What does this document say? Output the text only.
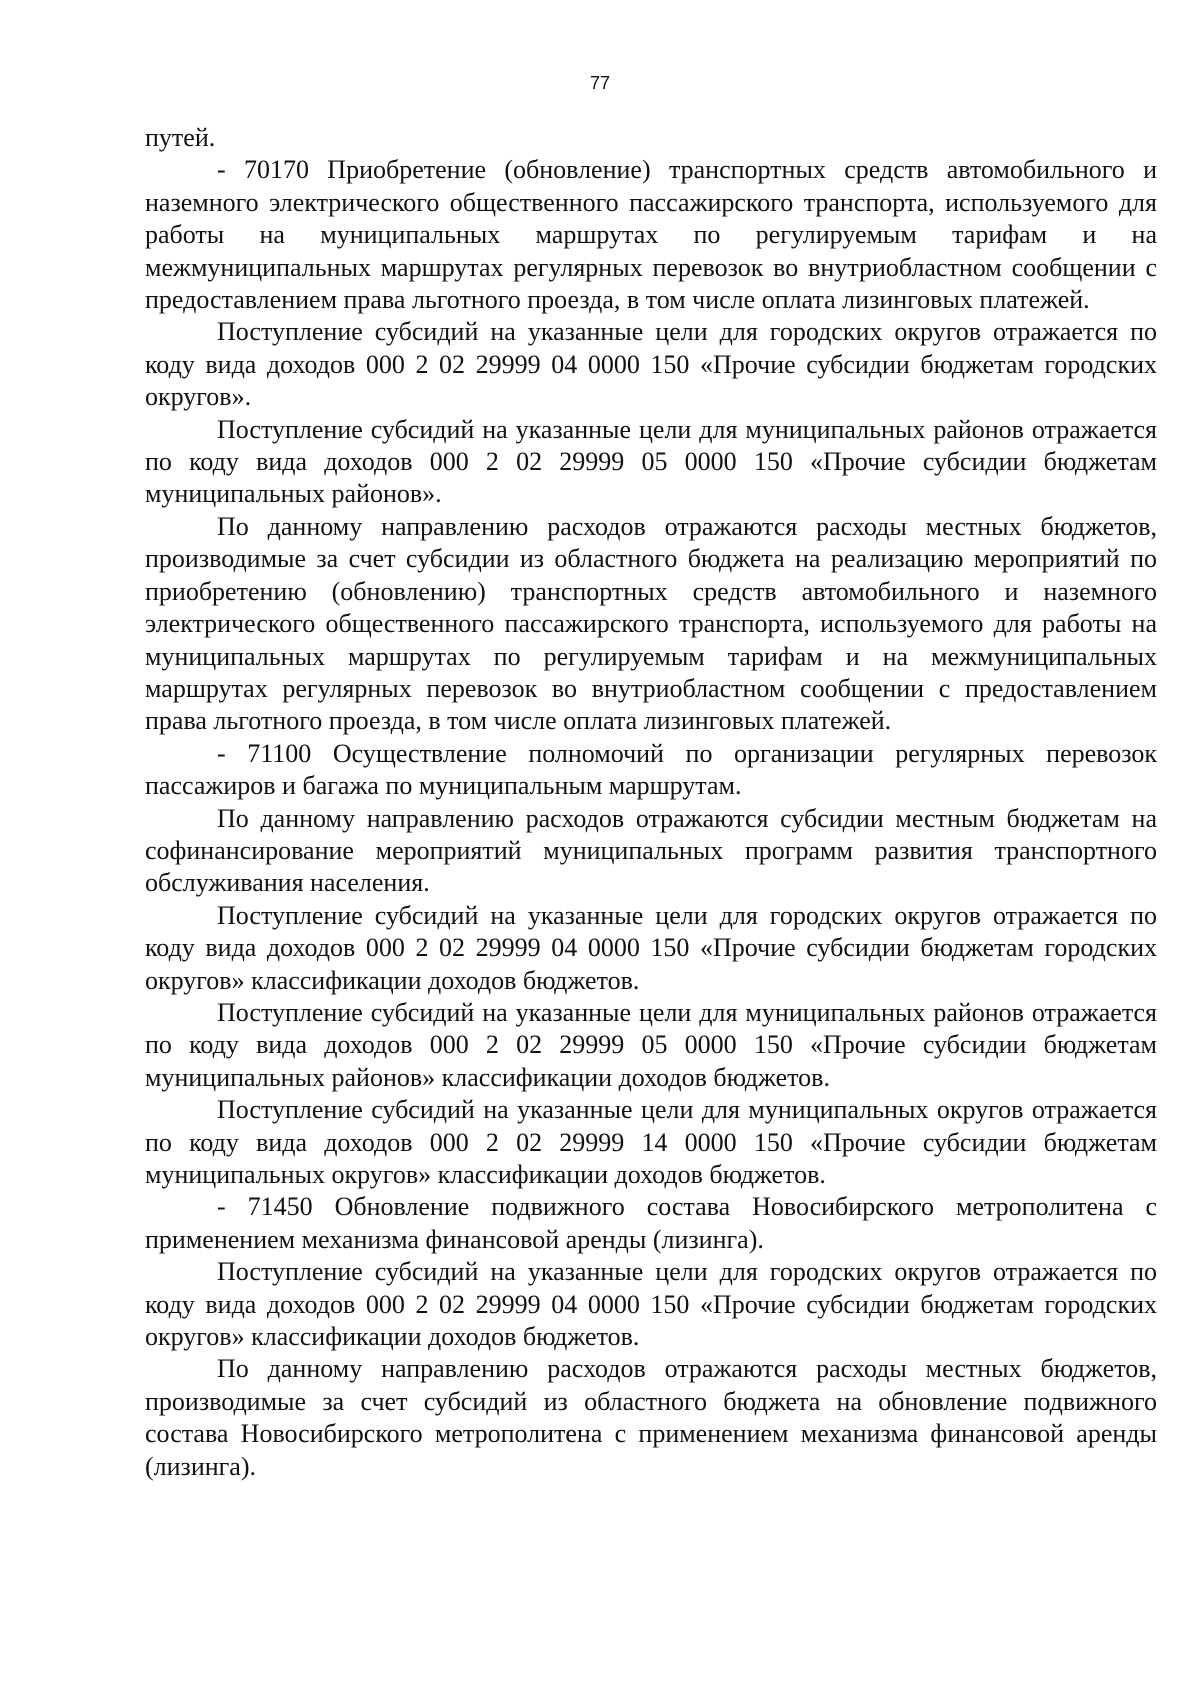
77

путей.

- 70170 Приобретение (обновление) транспортных средств автомобильного и наземного электрического общественного пассажирского транспорта, используемого для работы на муниципальных маршрутах по регулируемым тарифам и на межмуниципальных маршрутах регулярных перевозок во внутриобластном сообщении с предоставлением права льготного проезда, в том числе оплата лизинговых платежей.

Поступление субсидий на указанные цели для городских округов отражается по коду вида доходов 000 2 02 29999 04 0000 150 «Прочие субсидии бюджетам городских округов».

Поступление субсидий на указанные цели для муниципальных районов отражается по коду вида доходов 000 2 02 29999 05 0000 150 «Прочие субсидии бюджетам муниципальных районов».

По данному направлению расходов отражаются расходы местных бюджетов, производимые за счет субсидии из областного бюджета на реализацию мероприятий по приобретению (обновлению) транспортных средств автомобильного и наземного электрического общественного пассажирского транспорта, используемого для работы на муниципальных маршрутах по регулируемым тарифам и на межмуниципальных маршрутах регулярных перевозок во внутриобластном сообщении с предоставлением права льготного проезда, в том числе оплата лизинговых платежей.

- 71100 Осуществление полномочий по организации регулярных перевозок пассажиров и багажа по муниципальным маршрутам.

По данному направлению расходов отражаются субсидии местным бюджетам на софинансирование мероприятий муниципальных программ развития транспортного обслуживания населения.

Поступление субсидий на указанные цели для городских округов отражается по коду вида доходов 000 2 02 29999 04 0000 150 «Прочие субсидии бюджетам городских округов» классификации доходов бюджетов.

Поступление субсидий на указанные цели для муниципальных районов отражается по коду вида доходов 000 2 02 29999 05 0000 150 «Прочие субсидии бюджетам муниципальных районов» классификации доходов бюджетов.

Поступление субсидий на указанные цели для муниципальных округов отражается по коду вида доходов 000 2 02 29999 14 0000 150 «Прочие субсидии бюджетам муниципальных округов» классификации доходов бюджетов.

- 71450 Обновление подвижного состава Новосибирского метрополитена с применением механизма финансовой аренды (лизинга).

Поступление субсидий на указанные цели для городских округов отражается по коду вида доходов 000 2 02 29999 04 0000 150 «Прочие субсидии бюджетам городских округов» классификации доходов бюджетов.

По данному направлению расходов отражаются расходы местных бюджетов, производимые за счет субсидий из областного бюджета на обновление подвижного состава Новосибирского метрополитена с применением механизма финансовой аренды (лизинга).
